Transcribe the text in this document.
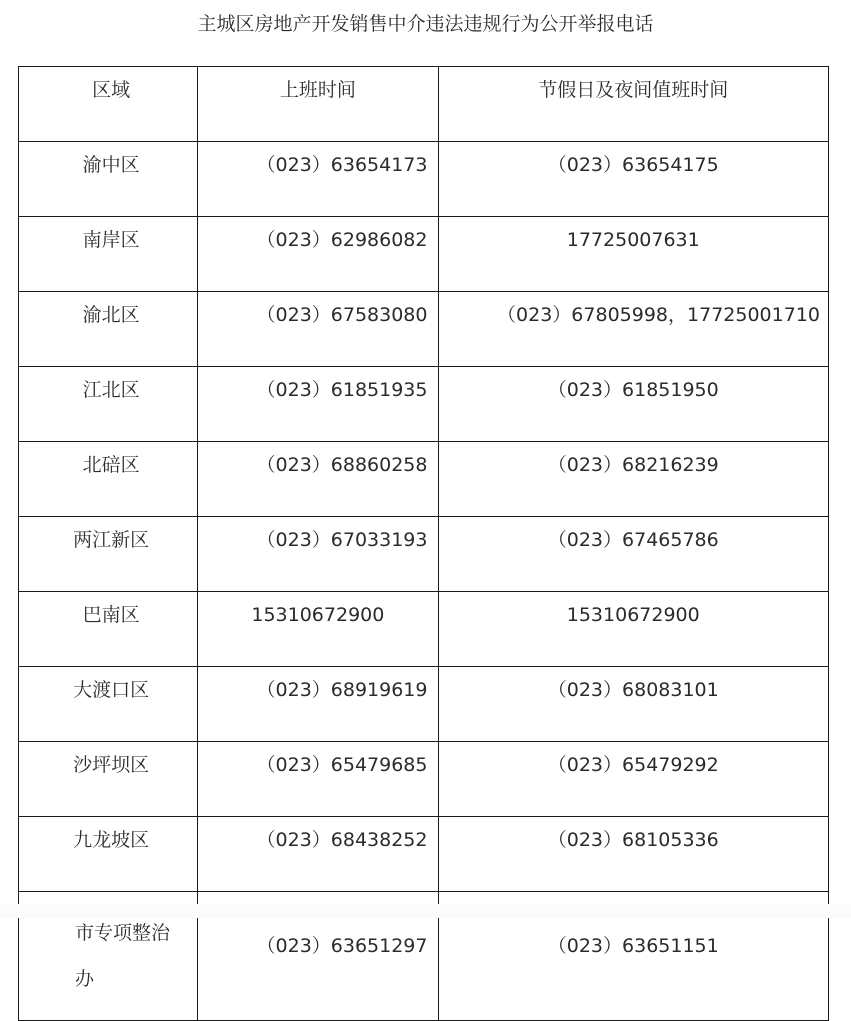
主城区房地产开发销售中介违法违规行为公开举报电话
区域	上班时间	节假日及夜间值班时间
渝中区	（023）63654173	（023）63654175
南岸区	（023）62986082	17725007631
渝北区	（023）67583080	（023）67805998，17725001710
江北区	（023）61851935	（023）61851950
北碚区	（023）68860258	（023）68216239
两江新区	（023）67033193	（023）67465786
巴南区	15310672900	15310672900
大渡口区	（023）68919619	（023）68083101
沙坪坝区	（023）65479685	（023）65479292
九龙坡区	（023）68438252	（023）68105336
市专项整治办	（023）63651297	（023）63651151
